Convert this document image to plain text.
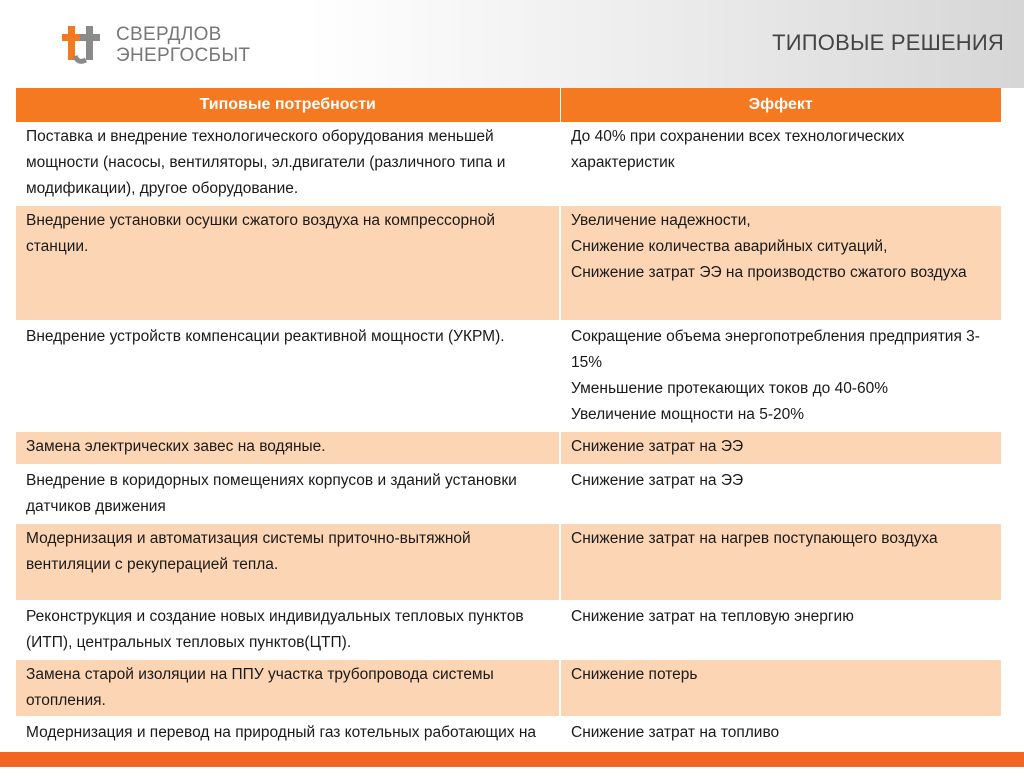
СВЕРДЛОВ
ЭНЕРГОСБЫТ
ТИПОВЫЕ РЕШЕНИЯ
Типовые потребности	Эффект
Поставка и внедрение технологического оборудования меньшей мощности (насосы, вентиляторы, эл.двигатели (различного типа и модификации), другое оборудование.	До 40% при сохранении всех технологических характеристик
Внедрение установки осушки сжатого воздуха на компрессорной станции.	Увеличение надежности,
Снижение количества аварийных ситуаций,
Снижение затрат ЭЭ на производство сжатого воздуха
Внедрение устройств компенсации реактивной мощности (УКРМ).	Сокращение объема энергопотребления предприятия 3-15%
Уменьшение протекающих токов до 40-60%
Увеличение мощности на 5-20%
Замена электрических завес на водяные.	Снижение затрат на ЭЭ
Внедрение в коридорных помещениях корпусов и зданий установки датчиков движения	Снижение затрат на ЭЭ
Модернизация и автоматизация системы приточно-вытяжной вентиляции с рекуперацией тепла.	Снижение затрат на нагрев поступающего воздуха
Реконструкция и создание новых индивидуальных тепловых пунктов (ИТП), центральных тепловых пунктов(ЦТП).	Снижение затрат на тепловую энергию
Замена старой изоляции на ППУ участка трубопровода системы отопления.	Снижение потерь
Модернизация и перевод на природный газ котельных работающих на	Снижение затрат на топливо
